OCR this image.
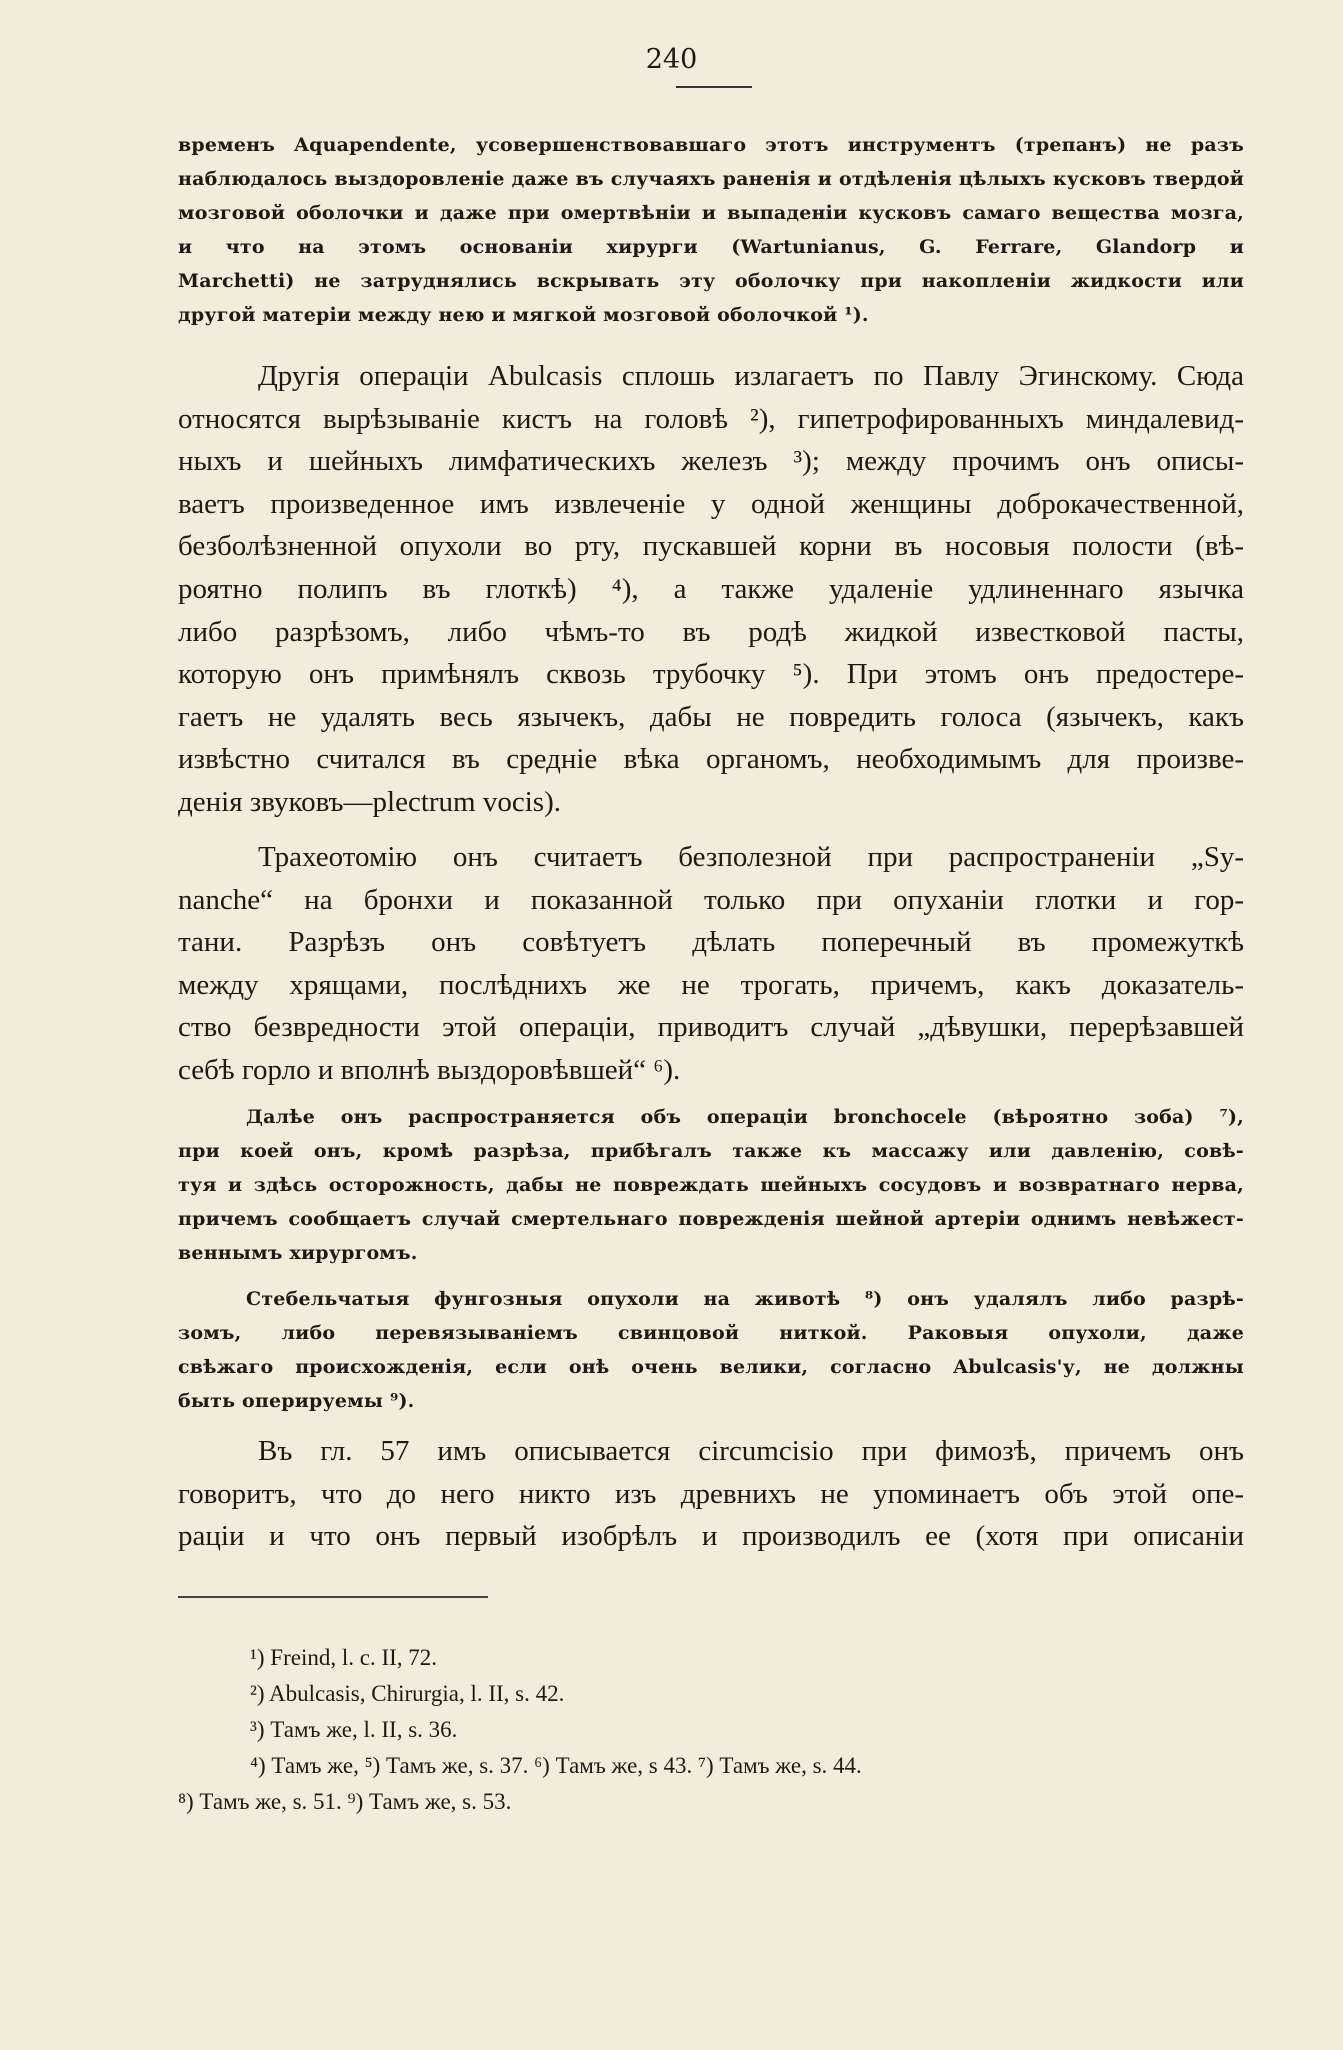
240
временъ Aquapendente, усовершенствовавшаго этотъ инструментъ (трепанъ) не разъ
наблюдалось выздоровленіе даже въ случаяхъ раненія и отдѣленія цѣлыхъ кусковъ твердой
мозговой оболочки и даже при омертвѣніи и выпаденіи кусковъ самаго вещества мозга,
и что на этомъ основаніи хирурги (Wartunianus, G. Ferrare, Glandorp и
Marchetti) не затруднялись вскрывать эту оболочку при накопленіи жидкости или
другой матеріи между нею и мягкой мозговой оболочкой ¹).
Другія операціи Abulcasis сплошь излагаетъ по Павлу Эгинскому. Сюда
относятся вырѣзываніе кистъ на головѣ ²), гипетрофированныхъ миндалевид-
ныхъ и шейныхъ лимфатическихъ железъ ³); между прочимъ онъ описы-
ваетъ произведенное имъ извлеченіе у одной женщины доброкачественной,
безболѣзненной опухоли во рту, пускавшей корни въ носовыя полости (вѣ-
роятно полипъ въ глоткѣ) ⁴), а также удаленіе удлиненнаго язычка
либо разрѣзомъ, либо чѣмъ-то въ родѣ жидкой известковой пасты,
которую онъ примѣнялъ сквозь трубочку ⁵). При этомъ онъ предостере-
гаетъ не удалять весь язычекъ, дабы не повредить голоса (язычекъ, какъ
извѣстно считался въ средніе вѣка органомъ, необходимымъ для произве-
денія звуковъ—plectrum vocis).
Трахеотомію онъ считаетъ безполезной при распространеніи „Sy-
nanche“ на бронхи и показанной только при опуханіи глотки и гор-
тани. Разрѣзъ онъ совѣтуетъ дѣлать поперечный въ промежуткѣ
между хрящами, послѣднихъ же не трогать, причемъ, какъ доказатель-
ство безвредности этой операціи, приводитъ случай „дѣвушки, перерѣзавшей
себѣ горло и вполнѣ выздоровѣвшей“ ⁶).
Далѣе онъ распространяется объ операціи bronchocele (вѣроятно зоба) ⁷),
при коей онъ, кромѣ разрѣза, прибѣгалъ также къ массажу или давленію, совѣ-
туя и здѣсь осторожность, дабы не повреждать шейныхъ сосудовъ и возвратнаго нерва,
причемъ сообщаетъ случай смертельнаго поврежденія шейной артеріи однимъ невѣжест-
веннымъ хирургомъ.
Стебельчатыя фунгозныя опухоли на животѣ ⁸) онъ удалялъ либо разрѣ-
зомъ, либо перевязываніемъ свинцовой ниткой. Раковыя опухоли, даже
свѣжаго происхожденія, если онѣ очень велики, согласно Abulcasis'у, не должны
быть оперируемы ⁹).
Въ гл. 57 имъ описывается circumcisio при фимозѣ, причемъ онъ
говоритъ, что до него никто изъ древнихъ не упоминаетъ объ этой опе-
раціи и что онъ первый изобрѣлъ и производилъ ее (хотя при описаніи
¹) Freind, l. c. II, 72.
²) Abulcasis, Chirurgia, l. II, s. 42.
³) Тамъ же, l. II, s. 36.
⁴) Тамъ же, ⁵) Тамъ же, s. 37. ⁶) Тамъ же, s 43. ⁷) Тамъ же, s. 44.
⁸) Тамъ же, s. 51. ⁹) Тамъ же, s. 53.
